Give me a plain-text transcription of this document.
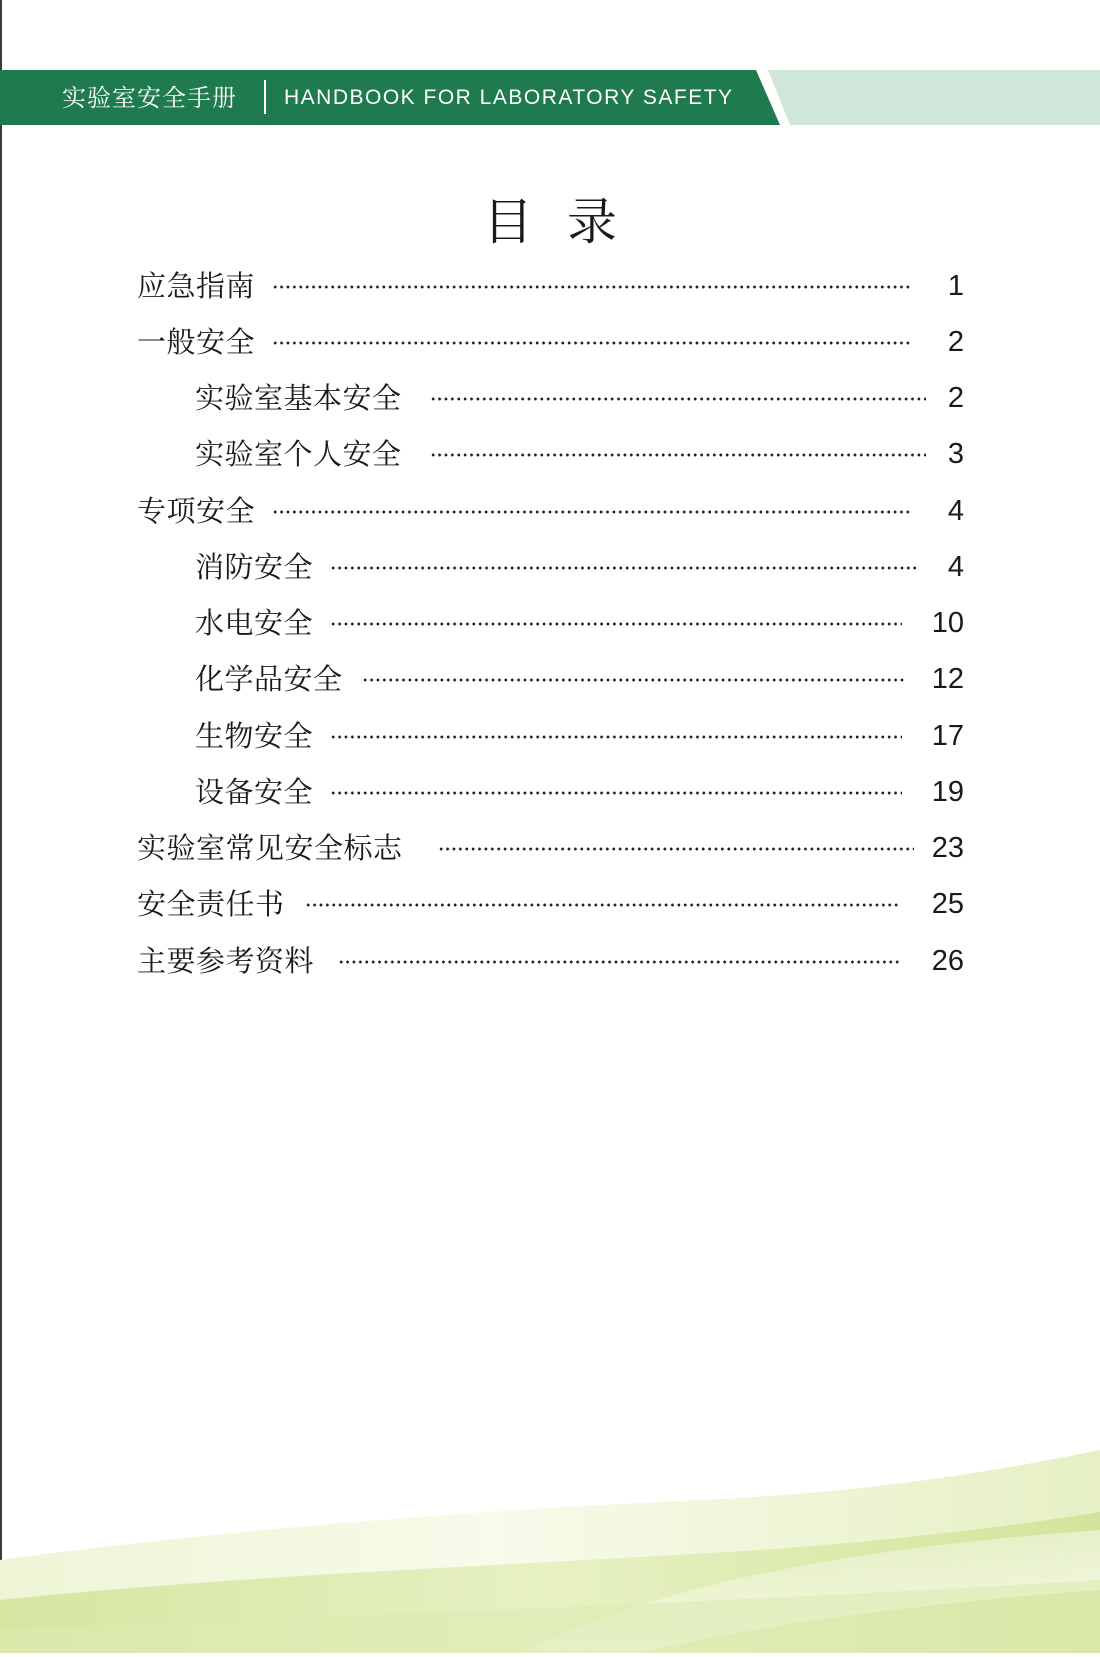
实验室安全手册 HANDBOOK FOR LABORATORY SAFETY
目录
应急指南	1
一般安全	2
实验室基本安全	2
实验室个人安全	3
专项安全	4
消防安全	4
水电安全	10
化学品安全	12
生物安全	17
设备安全	19
实验室常见安全标志	23
安全责任书	25
主要参考资料	26
